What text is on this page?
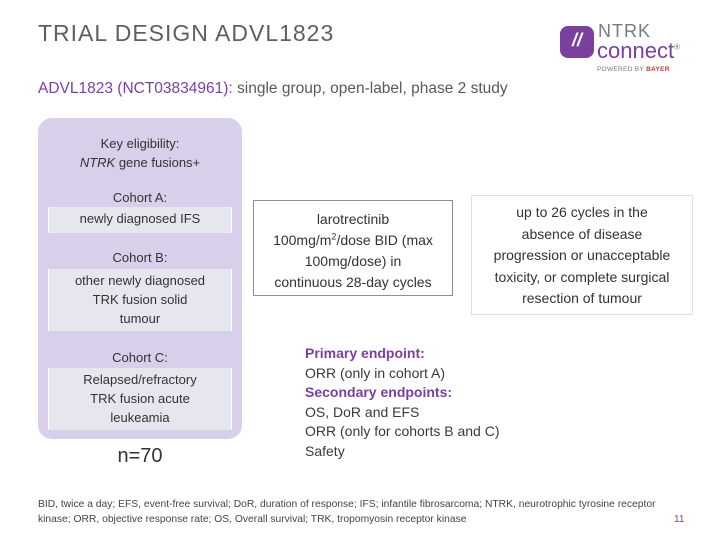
TRIAL DESIGN ADVL1823	// NTRK
connect®
POWERED BY BAYER
ADVL1823 (NCT03834961): single group, open-label, phase 2 study
Key eligibility:
NTRK gene fusions+
Cohort A:
newly diagnosed IFS
Cohort B:
other newly diagnosed
TRK fusion solid
tumour
Cohort C:
Relapsed/refractory
TRK fusion acute
leukeamia
n=70
larotrectinib
$100mg/m^2$/dose BID (max
100mg/dose) in
continuous 28-day cycles
up to 26 cycles in the
absence of disease
progression or unacceptable
toxicity, or complete surgical
resection of tumour
Primary endpoint:
ORR (only in cohort A)
Secondary endpoints:
OS, DoR and EFS
ORR (only for cohorts B and C)
Safety
BID, twice a day; EFS, event-free survival; DoR, duration of response; IFS; infantile fibrosarcoma; NTRK, neurotrophic tyrosine receptor kinase; ORR, objective response rate; OS, Overall survival; TRK, tropomyosin receptor kinase	11
